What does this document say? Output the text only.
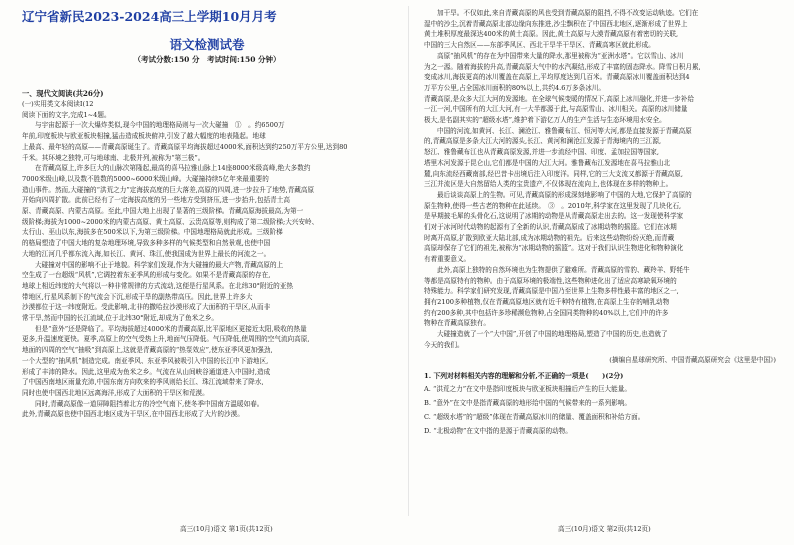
辽宁省新民2023-2024高三上学期10月月考
语文检测试卷
（考试分数:150 分　考试时间:150 分钟）
一、现代文阅读(共26分)
(一)实用类文本阅读Ⅰ(12
阅读下面的文字,完成1~4题。
与宇宙起源于一次大爆炸类似,现今中国的地理格局则与一次大碰撞　①　。约6500万
年前,印度板块与欧亚板块相撞,猛击造成板块俯冲,引发了越大幅度的地表隆起。地球
上最高、最年轻的高原——青藏高原诞生了。青藏高原平均海拔超过4000米,面积达到约250万平方公里,达到80
千米。其环境之独特,可与地球南、北极并列,被称为“第三极”。
在青藏高原上,许多巨大的山脉次第隆起,最高的喜马拉雅山脉上14座8000米级高峰,绝大多数约
7000米级山峰,以及数不胜数的5000~6000米级山峰。大碰撞持续5亿年来最重要的
造山事件。然而,大碰撞的“洪荒之力”定海拔高度的巨大落差,高原的四周,进一步拉升了地势,青藏高原
开始向四周扩散。此前已经有了一定海拔高度的另一些地方受到挤压,进一步抬升,包括青土高
原、青藏高原、内蒙古高原。至此,中国大地上出现了显著的三级阶梯。青藏高原海拔最高,为第一
级阶梯;海拔为1000~2000米的内蒙古高原、黄土高原、云贵高原等,则构成了第二级阶梯;大兴安岭、
太行山、巫山以东,海拔多在500米以下,为第三级阶梯。中国地理格局就此形成。三级阶梯
的格局塑造了中国大地的复杂地理环境,导致多种多样的气候类型和自然景观,也使中国
大地的江河几乎都东流入海,如长江、黄河、珠江,使我国成为世界上最长的河流之一。
大碰撞对中国的影响不止于地貌。科学家们发现,作为大碰撞的最大产物,青藏高原的上
空生成了一台超级“风机”,它调控着东亚季风的形成与变化。如果不是青藏高原的存在,
地球上相近纬度的大气将以一种非常规律的方式流动,这便是行星风系。在北纬30°附近的亚热
带地区,行星风系制下的气流会下沉,形成干旱的副热带高压。因此,世界上许多大
沙漠都位于这一纬度附近。受此影响,北非的撒哈拉沙漠形成了大面积的干旱区,从而非
常干旱,然而中国的长江流域,位于北纬30°附近,却成为了鱼米之乡。
但是“意外”还是降临了。平均海拔超过4000米的青藏高原,比平原地区更接近太阳,吸收的热量
更多,升温速度更快。夏季,高原上的空气受热上升,地面气压降低。气压降低,使周围的空气流向高原,
地面的四周的空气“抽吸”到高原上,这就是青藏高原的“热泵效应”,使东亚季风更加强劲,
一个大型的“抽风机”制造完成。南亚季风、东亚季风被吸引入中国的长江中下游地区,
形成了丰沛的降水。因此,这里成为鱼米之乡。气流在从山间峡谷通道进入中国时,造成
了中国西南地区雨量充沛,中国东南方向吹来的季风则给长江、珠江流域带来了降水,
同时也使中国西北地区远离海洋,形成了大面积的干旱区和荒漠。
同时,青藏高原像一道屏障阻挡着北方的冷空气南下,使冬季中国南方温暖如春。
此外,青藏高原也使中国西北地区成为干旱区,在中国西北形成了大片的沙漠。
加干旱。不仅如此,来自青藏高原的风也受到青藏高原的阻挡,不得不改变运动轨迹。它们在
湿中的沙尘,沉着青藏高原北部边缘向东推进,沙尘飘积在了中国西北地区,逐渐形成了世界上
黄土堆积厚度最深达400米的黄土高原。因此,黄土高原与大漠青藏高原有着密切的关联,
中国的三大自然区——东部季风区、西北干旱半干旱区、青藏高寒区就此形成。
高原“抽风机”的存在为中国带来大量的降水,那里被称为“亚洲水塔”。它以雪山、冰川
为之一源。随着海拔的升高,青藏高原大气中的水汽凝结,形成了丰富的固态降水。降雪日积月累,
变成冰川,海拔更高的冰川覆盖在高原上,平均厚度达到几百米。青藏高原冰川覆盖面积达到4
万平方公里,占全国冰川面积的80%以上,共约4.6万多条冰川。
青藏高原,是众多大江大河的发源地。在全球气候变暖的情况下,高原上冰川融化,并进一步补给
一江一河,中国所有的大江大河,有一大半都源于此,与高原雪山、冰川相关。高原的冰川储量
极大,是名副其实的“超级水塔”,维护着下游亿万人的生产生活与生态环境用水安全。
中国的河流,如黄河、长江、澜沧江、雅鲁藏布江、恒河等大河,都是直接发源于青藏高原
的,青藏高原是多条大江大河的源头,长江、黄河和澜沧江发源于青海境内的三江源,
怒江、雅鲁藏布江也从青藏高原发源,并进一步流经中国、印度、孟加拉国等国家,
塔里木河发源于昆仑山,它们都是中国的大江大河。雅鲁藏布江发源地在喜马拉雅山北
麓,向东流经西藏南部,经巴昔卡出境后注入印度洋。同样,它的三大支流又都源于青藏高原,
三江并流区是大自然留给人类的宝贵遗产,不仅体现在流向上,也体现在多样的物种上。
最后谈谈高原上的生物。可见,青藏高原的形成深刻地影响了中国的大地,它保护了高原的
原生物种,使得一些古老的物种在此延续。　③　。2010年,科学家在这里发现了几块化石,
是早期披毛犀的头骨化石,这说明了冰期的动物是从青藏高原走出去的。这一发现使科学家
们对于冰河时代动物的起源有了全新的认识,青藏高原成了冰期动物的摇篮。它们在冰期
时离开高原,扩散到欧亚大陆北部,成为冰期动物的祖先。后来这些动物纷纷灭绝,而青藏
高原却保存了它们的祖先,被称为“冰期动物的摇篮”。这对于我们认识生物进化和物种演化
有着重要意义。
此外,高原上独特的自然环境也为生物提供了避难所。青藏高原的雪豹、藏羚羊、野牦牛
等都是高原特有的物种。由于高原环境的极端性,这些物种进化出了适应高寒缺氧环境的
特殊能力。科学家们研究发现,青藏高原是中国乃至世界上生物多样性最丰富的地区之一,
拥有2100多种植物,仅在青藏高原地区就有近千种特有植物,在高原上生存的哺乳动物
约有200多种,其中包括许多珍稀濒危物种,占全国同类物种的40%以上,它们中的许多
物种在青藏高原独有。
大碰撞造就了一个“大中国”,开创了中国的地理格局,塑造了中国的历史,也造就了
今天的我们。
(摘编自星球研究所、中国青藏高原研究会《这里是中国》)
1. 下列对材料相关内容的理解和分析,不正确的一项是(　　)(2分)
A. “洪荒之力”在文中是指印度板块与欧亚板块相撞后产生的巨大能量。
B. “意外”在文中是指青藏高原的地形给中国的气候带来的一系列影响。
C. “超级水塔”的“超级”体现在青藏高原冰川的储量、覆盖面积和补给方面。
D. “北极动物”在文中指的是源于青藏高原的动物。
高三(10月)语文 第1页(共12页)	高三(10月)语文 第2页(共12页)
